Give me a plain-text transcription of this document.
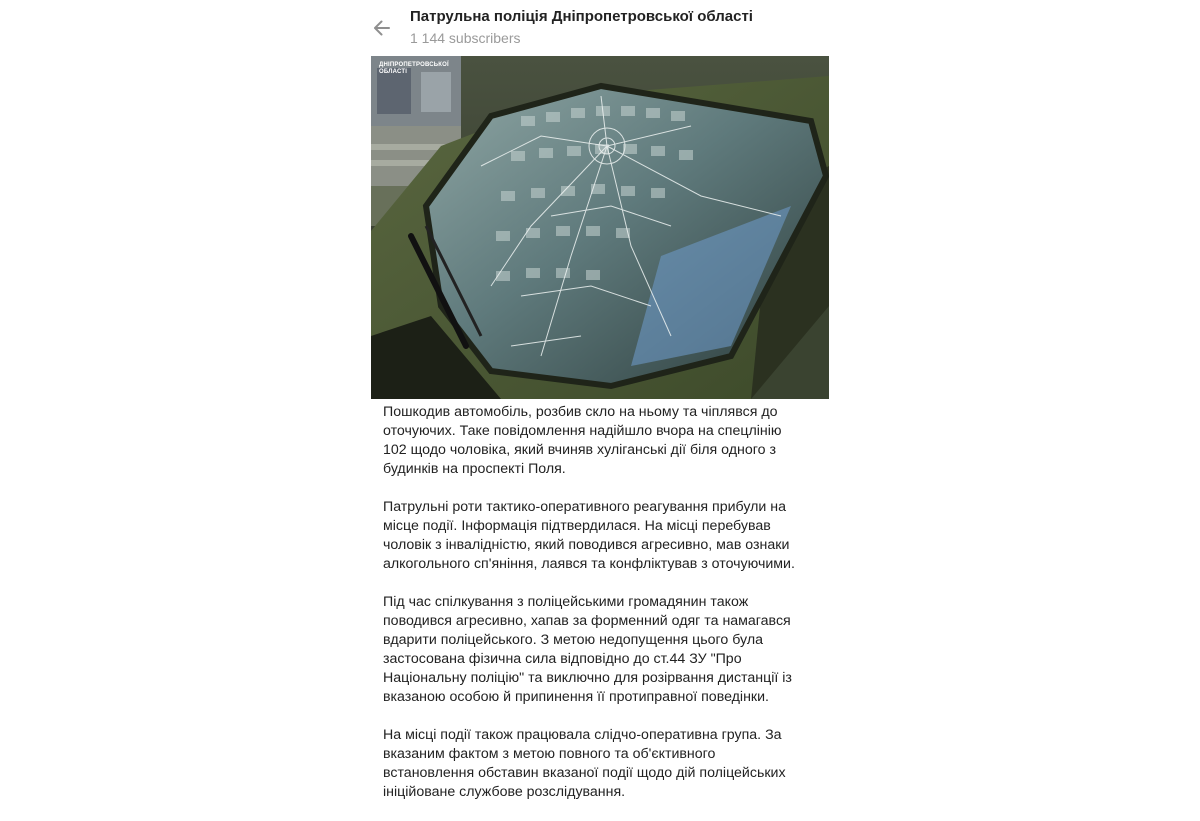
Патрульна поліція Дніпропетровської області
1 144 subscribers
ДНІПРОПЕТРОВСЬКОЇ
ОБЛАСТІ

Пошкодив автомобіль, розбив скло на ньому та чіплявся до
оточуючих. Таке повідомлення надійшло вчора на спецлінію
102 щодо чоловіка, який вчиняв хуліганські дії біля одного з
будинків на проспекті Поля.

Патрульні роти тактико-оперативного реагування прибули на
місце події. Інформація підтвердилася. На місці перебував
чоловік з інвалідністю, який поводився агресивно, мав ознаки
алкогольного сп'яніння, лаявся та конфліктував з оточуючими.

Під час спілкування з поліцейськими громадянин також
поводився агресивно, хапав за форменний одяг та намагався
вдарити поліцейського. З метою недопущення цього була
застосована фізична сила відповідно до ст.44 ЗУ "Про
Національну поліцію" та виключно для розірвання дистанції із
вказаною особою й припинення її протиправної поведінки.

На місці події також працювала слідчо-оперативна група. За
вказаним фактом з метою повного та об'єктивного
встановлення обставин вказаної події щодо дій поліцейських
ініційоване службове розслідування.
